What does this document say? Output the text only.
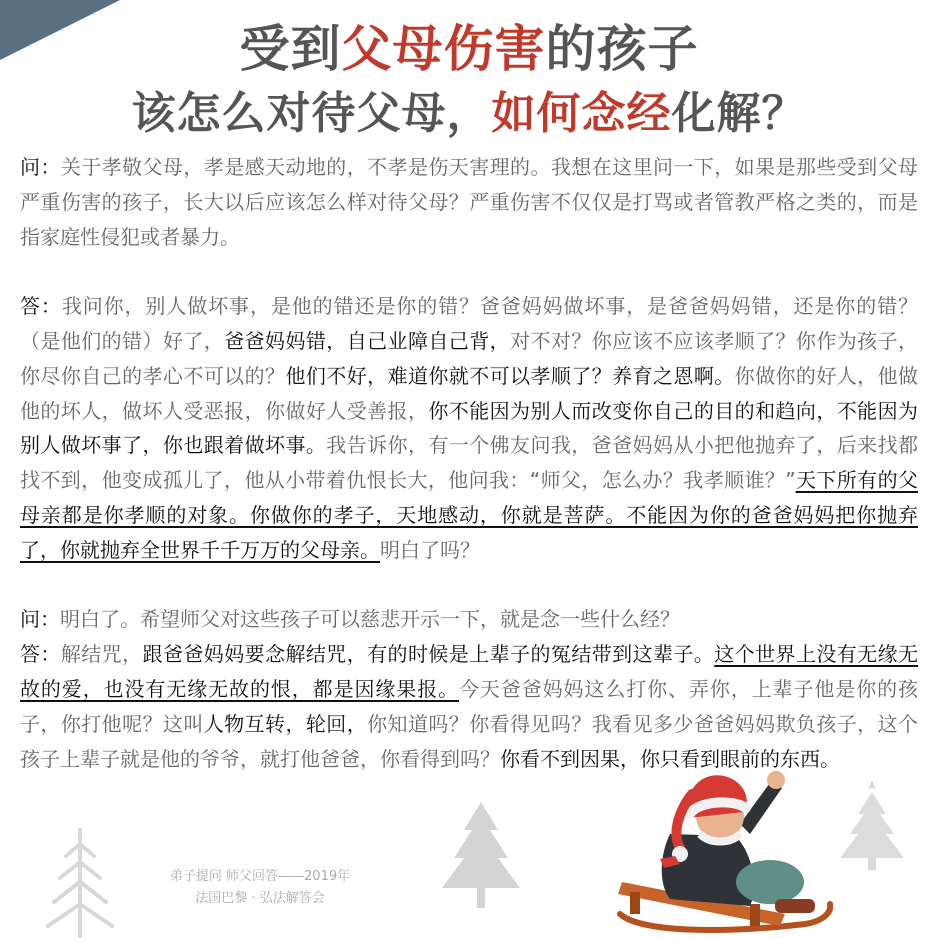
受到父母伤害的孩子
该怎么对待父母，如何念经化解？

问：关于孝敬父母，孝是感天动地的，不孝是伤天害理的。我想在这里问一下，如果是那些受到父母严重伤害的孩子，长大以后应该怎么样对待父母？严重伤害不仅仅是打骂或者管教严格之类的，而是指家庭性侵犯或者暴力。

答：我问你，别人做坏事，是他的错还是你的错？爸爸妈妈做坏事，是爸爸妈妈错，还是你的错？（是他们的错）好了，爸爸妈妈错，自己业障自己背，对不对？你应该不应该孝顺了？你作为孩子，你尽你自己的孝心不可以的？他们不好，难道你就不可以孝顺了？养育之恩啊。你做你的好人，他做他的坏人，做坏人受恶报，你做好人受善报，你不能因为别人而改变你自己的目的和趋向，不能因为别人做坏事了，你也跟着做坏事。我告诉你，有一个佛友问我，爸爸妈妈从小把他抛弃了，后来找都找不到，他变成孤儿了，他从小带着仇恨长大，他问我：“师父，怎么办？我孝顺谁？”天下所有的父母亲都是你孝顺的对象。你做你的孝子，天地感动，你就是菩萨。不能因为你的爸爸妈妈把你抛弃了，你就抛弃全世界千千万万的父母亲。明白了吗？

问：明白了。希望师父对这些孩子可以慈悲开示一下，就是念一些什么经？

答：解结咒，跟爸爸妈妈要念解结咒，有的时候是上辈子的冤结带到这辈子。这个世界上没有无缘无故的爱，也没有无缘无故的恨，都是因缘果报。今天爸爸妈妈这么打你、弄你，上辈子他是你的孩子，你打他呢？这叫人物互转，轮回，你知道吗？你看得见吗？我看见多少爸爸妈妈欺负孩子，这个孩子上辈子就是他的爷爷，就打他爸爸，你看得到吗？你看不到因果，你只看到眼前的东西。

弟子提问 师父回答——2019年
法国巴黎 · 弘法解答会
